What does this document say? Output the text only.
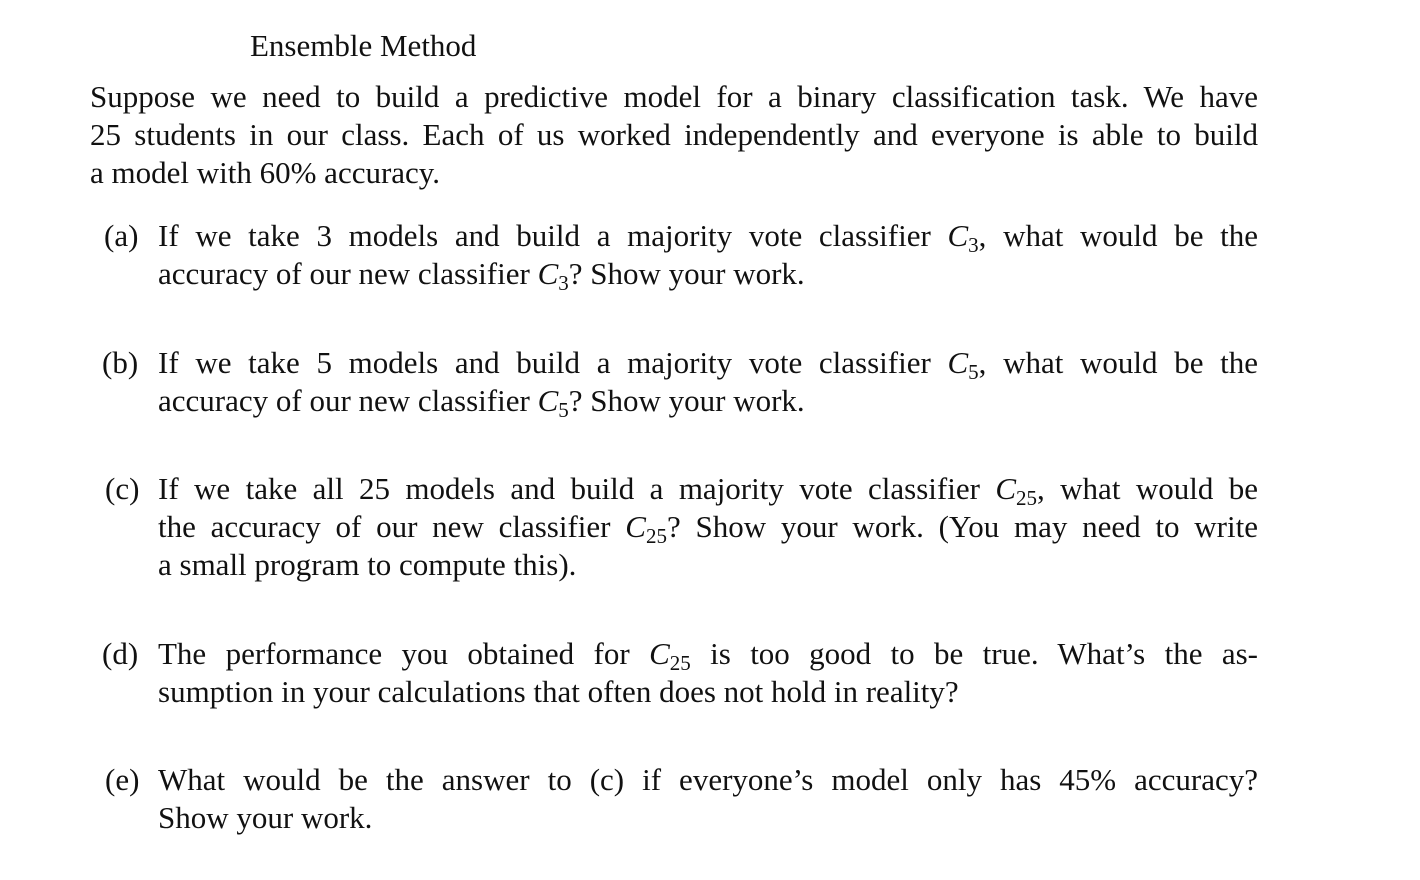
Ensemble Method
Suppose we need to build a predictive model for a binary classification task. We have
25 students in our class. Each of us worked independently and everyone is able to build
a model with 60% accuracy.
(a) If we take 3 models and build a majority vote classifier $C_3$, what would be the
accuracy of our new classifier $C_3$? Show your work.
(b) If we take 5 models and build a majority vote classifier $C_5$, what would be the
accuracy of our new classifier $C_5$? Show your work.
(c) If we take all 25 models and build a majority vote classifier $C_{25}$, what would be
the accuracy of our new classifier $C_{25}$? Show your work. (You may need to write
a small program to compute this).
(d) The performance you obtained for $C_{25}$ is too good to be true. What’s the as-
sumption in your calculations that often does not hold in reality?
(e) What would be the answer to (c) if everyone’s model only has 45% accuracy?
Show your work.
